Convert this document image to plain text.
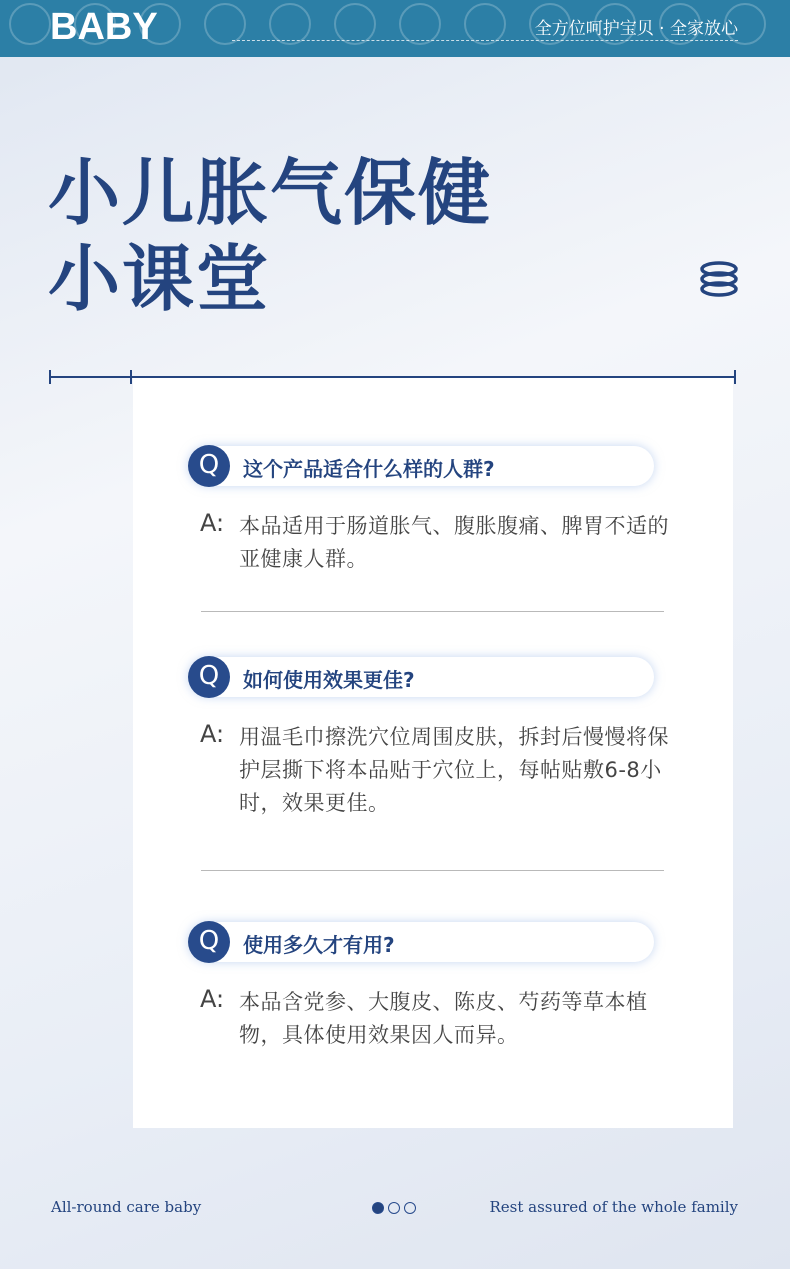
BABY	全方位呵护宝贝 · 全家放心
小儿胀气保健
小课堂
Q	这个产品适合什么样的人群?
A: 本品适用于肠道胀气、腹胀腹痛、脾胃不适的亚健康人群。
Q	如何使用效果更佳?
A: 用温毛巾擦洗穴位周围皮肤，拆封后慢慢将保护层撕下将本品贴于穴位上，每帖贴敷6-8小时，效果更佳。
Q	使用多久才有用?
A: 本品含党参、大腹皮、陈皮、芍药等草本植物，具体使用效果因人而异。
All-round care baby	Rest assured of the whole family
